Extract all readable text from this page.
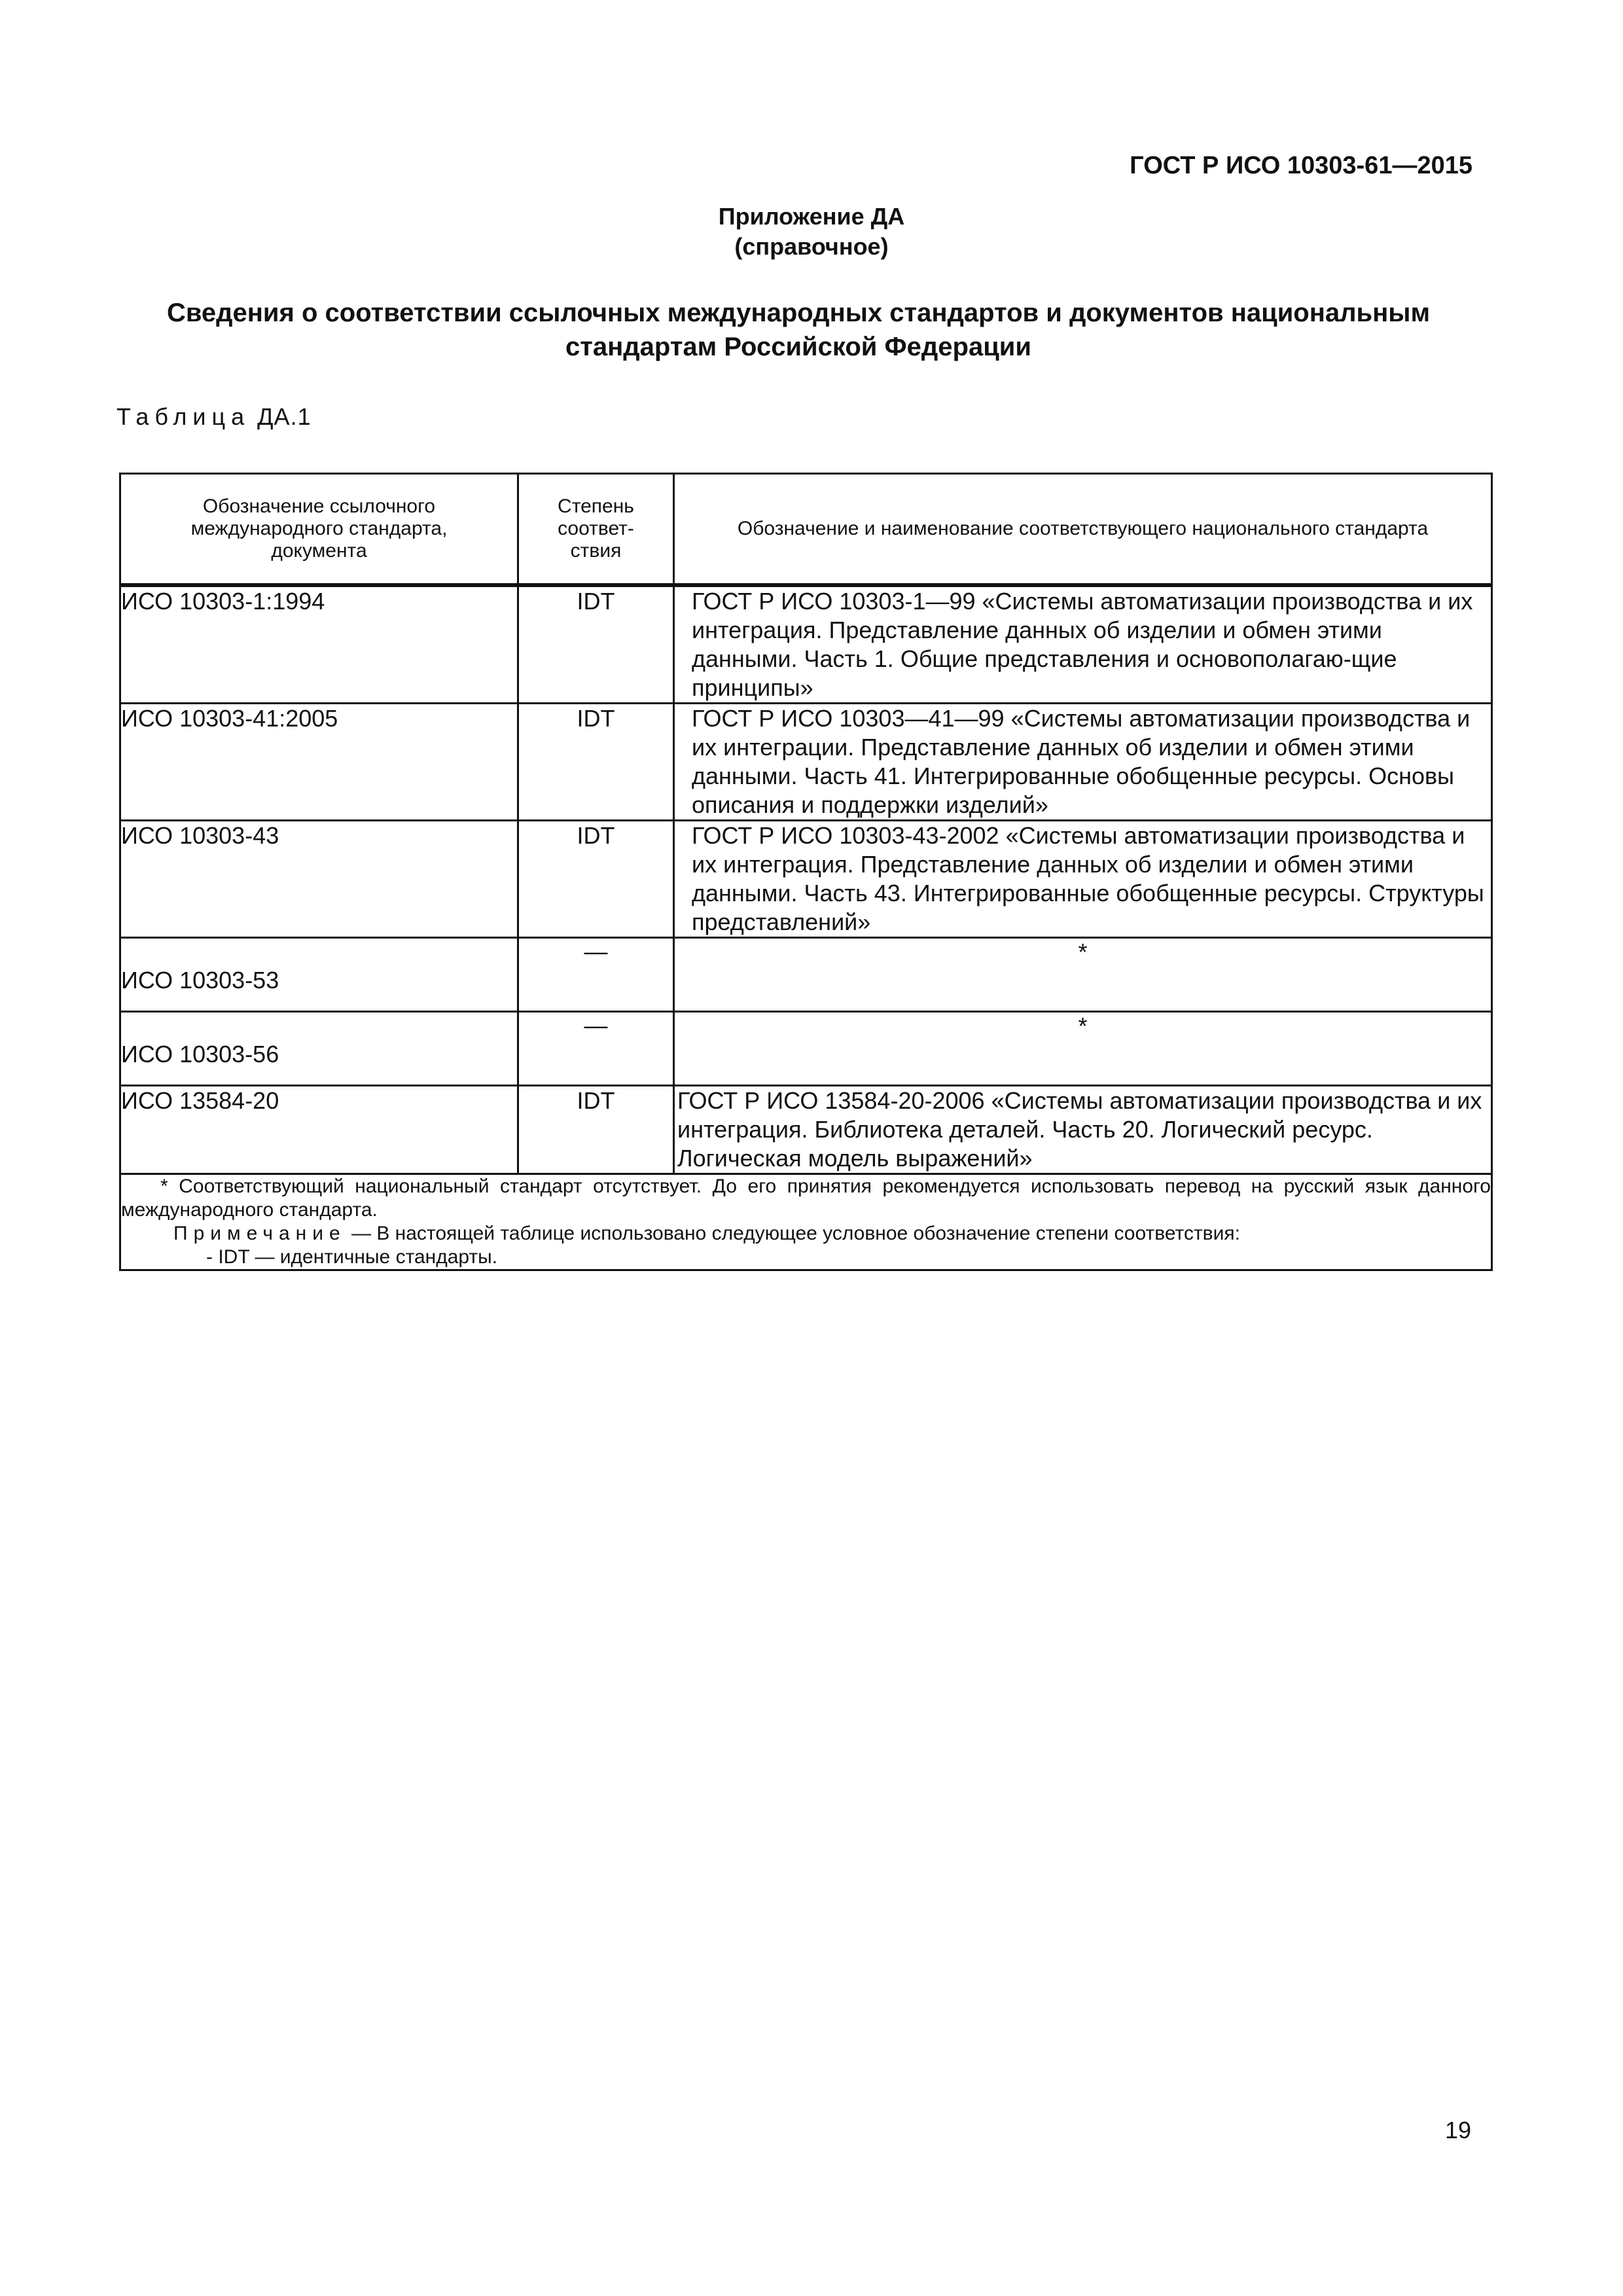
ГОСТ Р ИСО 10303-61—2015
Приложение ДА
(справочное)
Сведения о соответствии ссылочных международных стандартов и документов национальным
стандартам Российской Федерации
Таблица ДА.1
Обозначение ссылочного международного стандарта, документа	Степень соответ- ствия	Обозначение и наименование соответствующего национального стандарта
ИСО 10303-1:1994	IDT	ГОСТ Р ИСО 10303-1—99 «Системы автоматизации производства и их интеграция. Представление данных об изделии и обмен этими данными. Часть 1. Общие представления и основополагаю-щие принципы»
ИСО 10303-41:2005	IDT	ГОСТ Р ИСО 10303—41—99 «Системы автоматизации производства и их интеграции. Представление данных об изделии и обмен этими данными. Часть 41. Интегрированные обобщенные ресурсы. Основы описания и поддержки изделий»
ИСО 10303-43	IDT	ГОСТ Р ИСО 10303-43-2002 «Системы автоматизации производства и их интеграция. Представление данных об изделии и обмен этими данными. Часть 43. Интегрированные обобщенные ресурсы. Структуры представлений»
ИСО 10303-53	—	*
ИСО 10303-56	—	*
ИСО 13584-20	IDT	ГОСТ Р ИСО 13584-20-2006 «Системы автоматизации производства и их интеграция. Библиотека деталей. Часть 20. Логический ресурс. Логическая модель выражений»

* Соответствующий национальный стандарт отсутствует. До его принятия рекомендуется использовать перевод на русский язык данного международного стандарта.
Примечание — В настоящей таблице использовано следующее условное обозначение степени соответствия:
- IDT — идентичные стандарты.		
19
